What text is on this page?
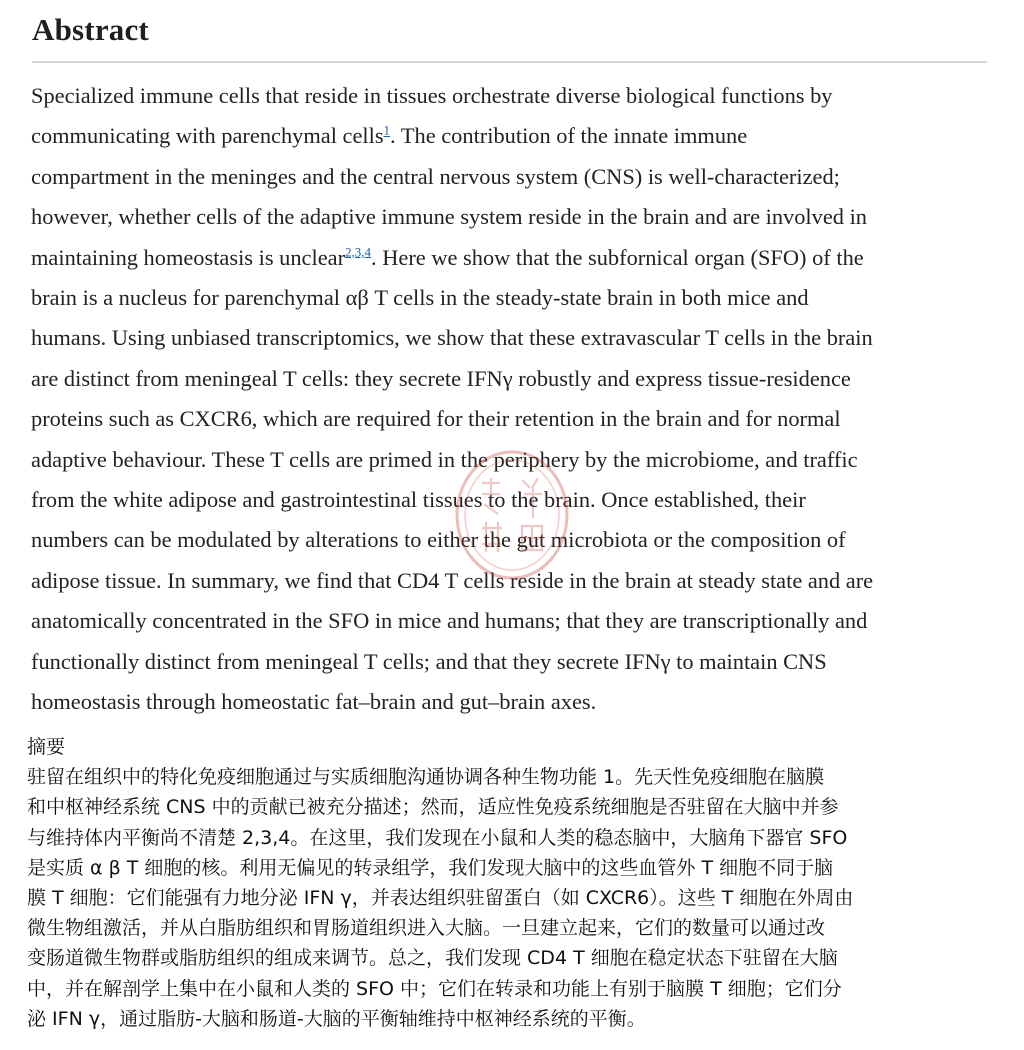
Abstract
Specialized immune cells that reside in tissues orchestrate diverse biological functions by
communicating with parenchymal cells$^1$. The contribution of the innate immune
compartment in the meninges and the central nervous system (CNS) is well-characterized;
however, whether cells of the adaptive immune system reside in the brain and are involved in
maintaining homeostasis is unclear$^{2,3,4}$. Here we show that the subfornical organ (SFO) of the
brain is a nucleus for parenchymal αβ T cells in the steady-state brain in both mice and
humans. Using unbiased transcriptomics, we show that these extravascular T cells in the brain
are distinct from meningeal T cells: they secrete IFNγ robustly and express tissue-residence
proteins such as CXCR6, which are required for their retention in the brain and for normal
adaptive behaviour. These T cells are primed in the periphery by the microbiome, and traffic
from the white adipose and gastrointestinal tissues to the brain. Once established, their
numbers can be modulated by alterations to either the gut microbiota or the composition of
adipose tissue. In summary, we find that CD4 T cells reside in the brain at steady state and are
anatomically concentrated in the SFO in mice and humans; that they are transcriptionally and
functionally distinct from meningeal T cells; and that they secrete IFNγ to maintain CNS
homeostasis through homeostatic fat–brain and gut–brain axes.
摘要
驻留在组织中的特化免疫细胞通过与实质细胞沟通协调各种生物功能 1。先天性免疫细胞在脑膜
和中枢神经系统 CNS 中的贡献已被充分描述；然而，适应性免疫系统细胞是否驻留在大脑中并参
与维持体内平衡尚不清楚 2,3,4。在这里，我们发现在小鼠和人类的稳态脑中，大脑角下器官 SFO
是实质 α β T 细胞的核。利用无偏见的转录组学，我们发现大脑中的这些血管外 T 细胞不同于脑
膜 T 细胞：它们能强有力地分泌 IFN γ，并表达组织驻留蛋白（如 CXCR6）。这些 T 细胞在外周由
微生物组激活，并从白脂肪组织和胃肠道组织进入大脑。一旦建立起来，它们的数量可以通过改
变肠道微生物群或脂肪组织的组成来调节。总之，我们发现 CD4 T 细胞在稳定状态下驻留在大脑
中，并在解剖学上集中在小鼠和人类的 SFO 中；它们在转录和功能上有别于脑膜 T 细胞；它们分
泌 IFN γ，通过脂肪-大脑和肠道-大脑的平衡轴维持中枢神经系统的平衡。
